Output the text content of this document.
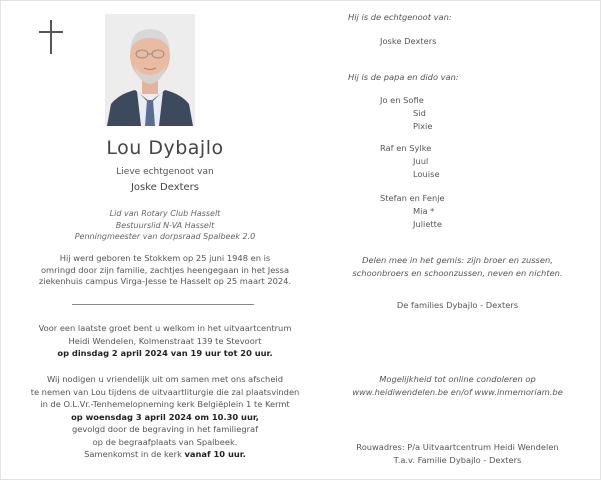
Lou Dybajlo
Lieve echtgenoot van
Joske Dexters
Lid van Rotary Club Hasselt
Bestuurslid N-VA Hasselt
Penningmeester van dorpsraad Spalbeek 2.0
Hij werd geboren te Stokkem op 25 juni 1948 en is
omringd door zijn familie, zachtjes heengegaan in het Jessa
ziekenhuis campus Virga-Jesse te Hasselt op 25 maart 2024.
Voor een laatste groet bent u welkom in het uitvaartcentrum
Heidi Wendelen, Kolmenstraat 139 te Stevoort
op dinsdag 2 april 2024 van 19 uur tot 20 uur.
Wij nodigen u vriendelijk uit om samen met ons afscheid
te nemen van Lou tijdens de uitvaartliturgie die zal plaatsvinden
in de O.L.Vr.-Tenhemelopneming kerk Belgiëplein 1 te Kermt
op woensdag 3 april 2024 om 10.30 uur,
gevolgd door de begraving in het familiegraf
op de begraafplaats van Spalbeek.
Samenkomst in de kerk vanaf 10 uur.
Hij is de echtgenoot van:
Joske Dexters
Hij is de papa en dido van:
Jo en Sofie
Sid
Pixie
Raf en Sylke
Juul
Louise
Stefan en Fenje
Mia *
Juliette
Delen mee in het gemis: zijn broer en zussen,
schoonbroers en schoonzussen, neven en nichten.
De families Dybajlo - Dexters
Mogelijkheid tot online condoleren op
www.heidiwendelen.be en/of www.inmemoriam.be
Rouwadres: P/a Uitvaartcentrum Heidi Wendelen
T.a.v. Familie Dybajlo - Dexters
